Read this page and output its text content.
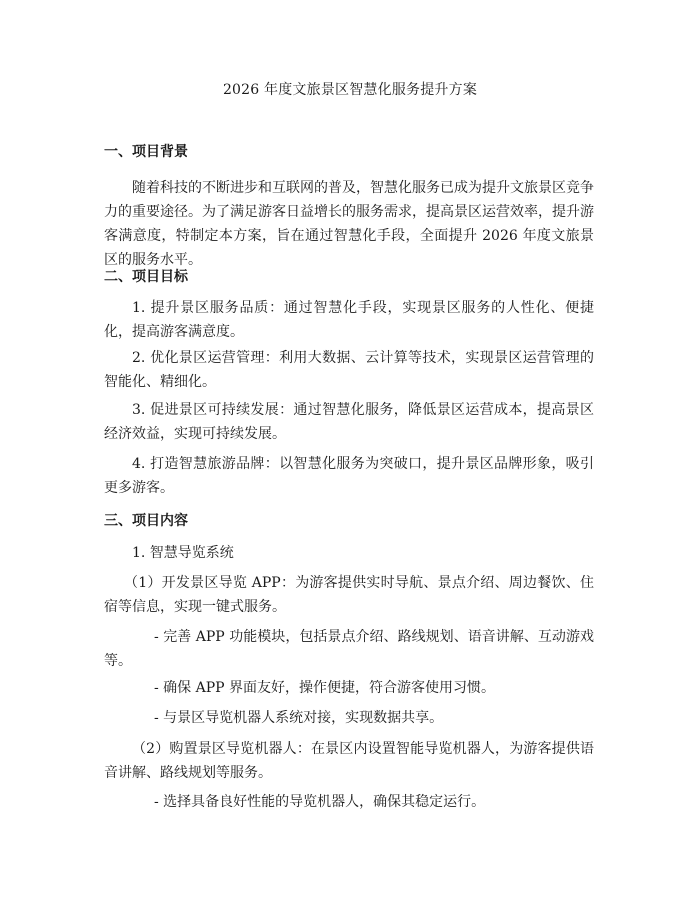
2026 年度文旅景区智慧化服务提升方案
一、项目背景

随着科技的不断进步和互联网的普及，智慧化服务已成为提升文旅景区竞争力的重要途径。为了满足游客日益增长的服务需求，提高景区运营效率，提升游客满意度，特制定本方案，旨在通过智慧化手段，全面提升 2026 年度文旅景区的服务水平。

二、项目目标

1. 提升景区服务品质：通过智慧化手段，实现景区服务的人性化、便捷化，提高游客满意度。

2. 优化景区运营管理：利用大数据、云计算等技术，实现景区运营管理的智能化、精细化。

3. 促进景区可持续发展：通过智慧化服务，降低景区运营成本，提高景区经济效益，实现可持续发展。

4. 打造智慧旅游品牌：以智慧化服务为突破口，提升景区品牌形象，吸引更多游客。

三、项目内容

1. 智慧导览系统

（1）开发景区导览 APP：为游客提供实时导航、景点介绍、周边餐饮、住宿等信息，实现一键式服务。

- 完善 APP 功能模块，包括景点介绍、路线规划、语音讲解、互动游戏等。

- 确保 APP 界面友好，操作便捷，符合游客使用习惯。

- 与景区导览机器人系统对接，实现数据共享。

（2）购置景区导览机器人：在景区内设置智能导览机器人，为游客提供语音讲解、路线规划等服务。

- 选择具备良好性能的导览机器人，确保其稳定运行。
